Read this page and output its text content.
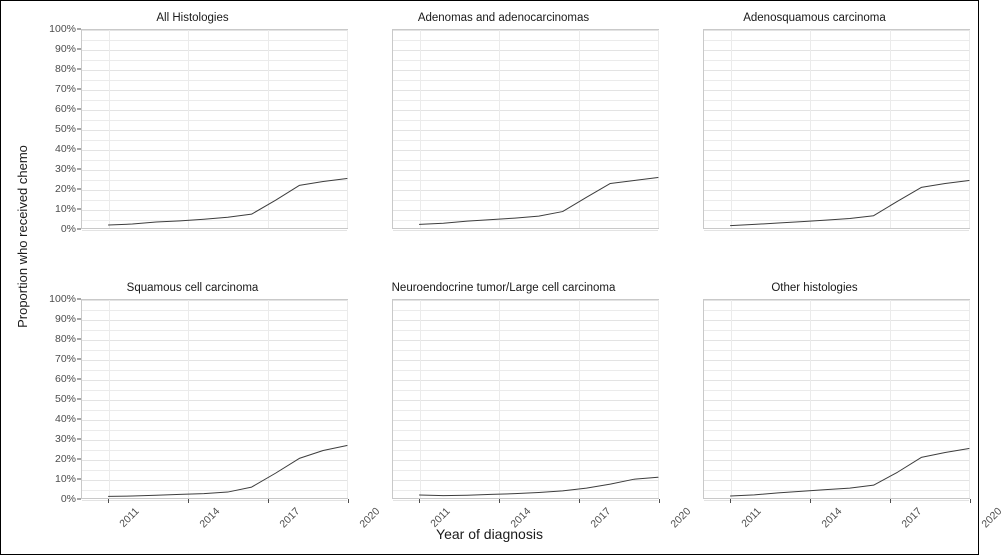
Proportion who received chemo
All Histologies
0%
10%
20%
30%
40%
50%
60%
70%
80%
90%
100%
Adenomas and adenocarcinomas	Adenosquamous carcinoma
Squamous cell carcinoma
0%
10%
20%
30%
40%
50%
60%
70%
80%
90%
100%
2011	2014	2017	2020
Neuroendocrine tumor/Large cell carcinoma
2011	2014	2017	2020
Other histologies
2011	2014	2017	2020
Year of diagnosis
